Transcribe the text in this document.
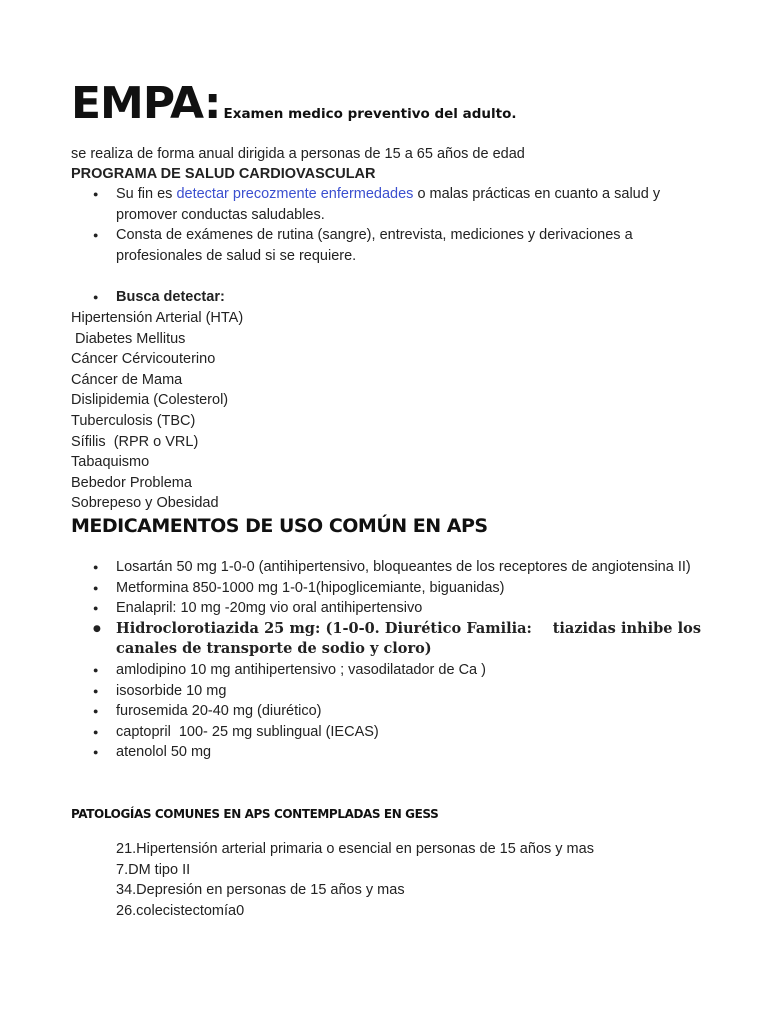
EMPA: Examen medico preventivo del adulto.
se realiza de forma anual dirigida a personas de 15 a 65 años de edad
PROGRAMA DE SALUD CARDIOVASCULAR
● Su fin es detectar precozmente enfermedades o malas prácticas en cuanto a salud y promover conductas saludables.
● Consta de exámenes de rutina (sangre), entrevista, mediciones y derivaciones a profesionales de salud si se requiere.
● Busca detectar:
Hipertensión Arterial (HTA)
Diabetes Mellitus
Cáncer Cérvicouterino
Cáncer de Mama
Dislipidemia (Colesterol)
Tuberculosis (TBC)
Sífilis  (RPR o VRL)
Tabaquismo
Bebedor Problema
Sobrepeso y Obesidad
MEDICAMENTOS DE USO COMÚN EN APS
● Losartán 50 mg 1-0-0 (antihipertensivo, bloqueantes de los receptores de angiotensina II)
● Metformina 850-1000 mg 1-0-1(hipoglicemiante, biguanidas)
● Enalapril: 10 mg -20mg vio oral antihipertensivo
● Hidroclorotiazida 25 mg: (1-0-0. Diurético Familia:    tiazidas inhibe los canales de transporte de sodio y cloro)
● amlodipino 10 mg antihipertensivo ; vasodilatador de Ca )
● isosorbide 10 mg
● furosemida 20-40 mg (diurético)
● captopril  100- 25 mg sublingual (IECAS)
● atenolol 50 mg
PATOLOGÍAS COMUNES EN APS CONTEMPLADAS EN GESS
21.Hipertensión arterial primaria o esencial en personas de 15 años y mas
7.DM tipo II
34.Depresión en personas de 15 años y mas
26.colecistectomía0
